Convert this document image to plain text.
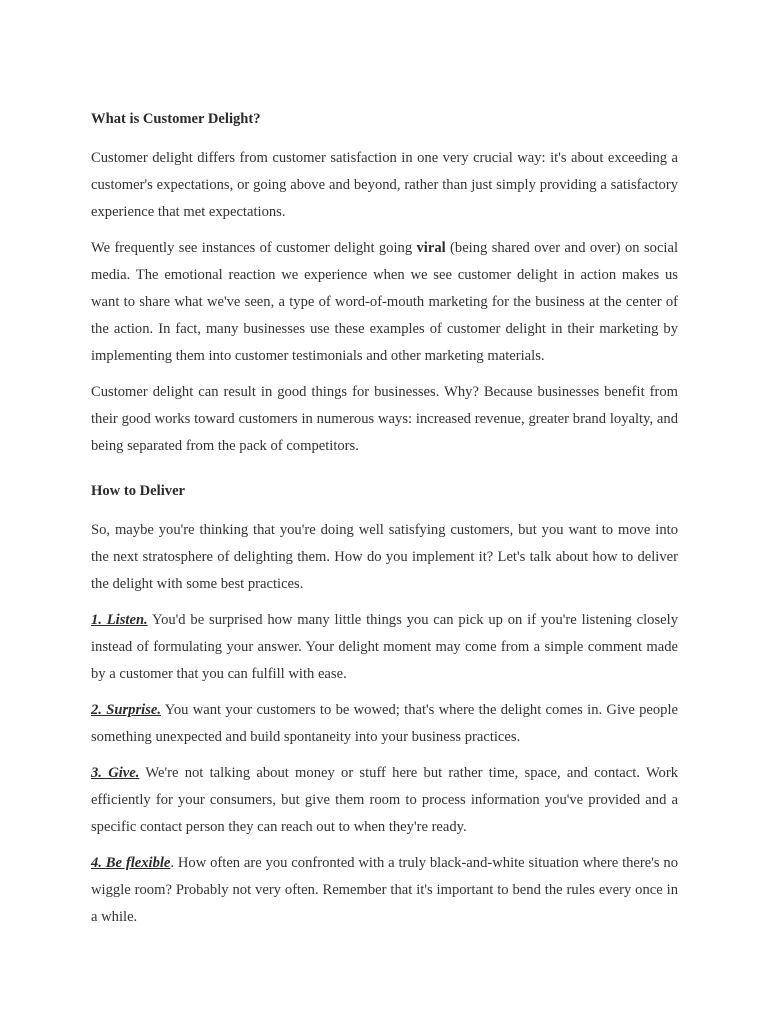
What is Customer Delight?

Customer delight differs from customer satisfaction in one very crucial way: it's about exceeding a customer's expectations, or going above and beyond, rather than just simply providing a satisfactory experience that met expectations.

We frequently see instances of customer delight going viral (being shared over and over) on social media. The emotional reaction we experience when we see customer delight in action makes us want to share what we've seen, a type of word-of-mouth marketing for the business at the center of the action. In fact, many businesses use these examples of customer delight in their marketing by implementing them into customer testimonials and other marketing materials.

Customer delight can result in good things for businesses. Why? Because businesses benefit from their good works toward customers in numerous ways: increased revenue, greater brand loyalty, and being separated from the pack of competitors.

How to Deliver

So, maybe you're thinking that you're doing well satisfying customers, but you want to move into the next stratosphere of delighting them. How do you implement it? Let's talk about how to deliver the delight with some best practices.

1. Listen. You'd be surprised how many little things you can pick up on if you're listening closely instead of formulating your answer. Your delight moment may come from a simple comment made by a customer that you can fulfill with ease.

2. Surprise. You want your customers to be wowed; that's where the delight comes in. Give people something unexpected and build spontaneity into your business practices.

3. Give. We're not talking about money or stuff here but rather time, space, and contact. Work efficiently for your consumers, but give them room to process information you've provided and a specific contact person they can reach out to when they're ready.

4. Be flexible. How often are you confronted with a truly black-and-white situation where there's no wiggle room? Probably not very often. Remember that it's important to bend the rules every once in a while.
